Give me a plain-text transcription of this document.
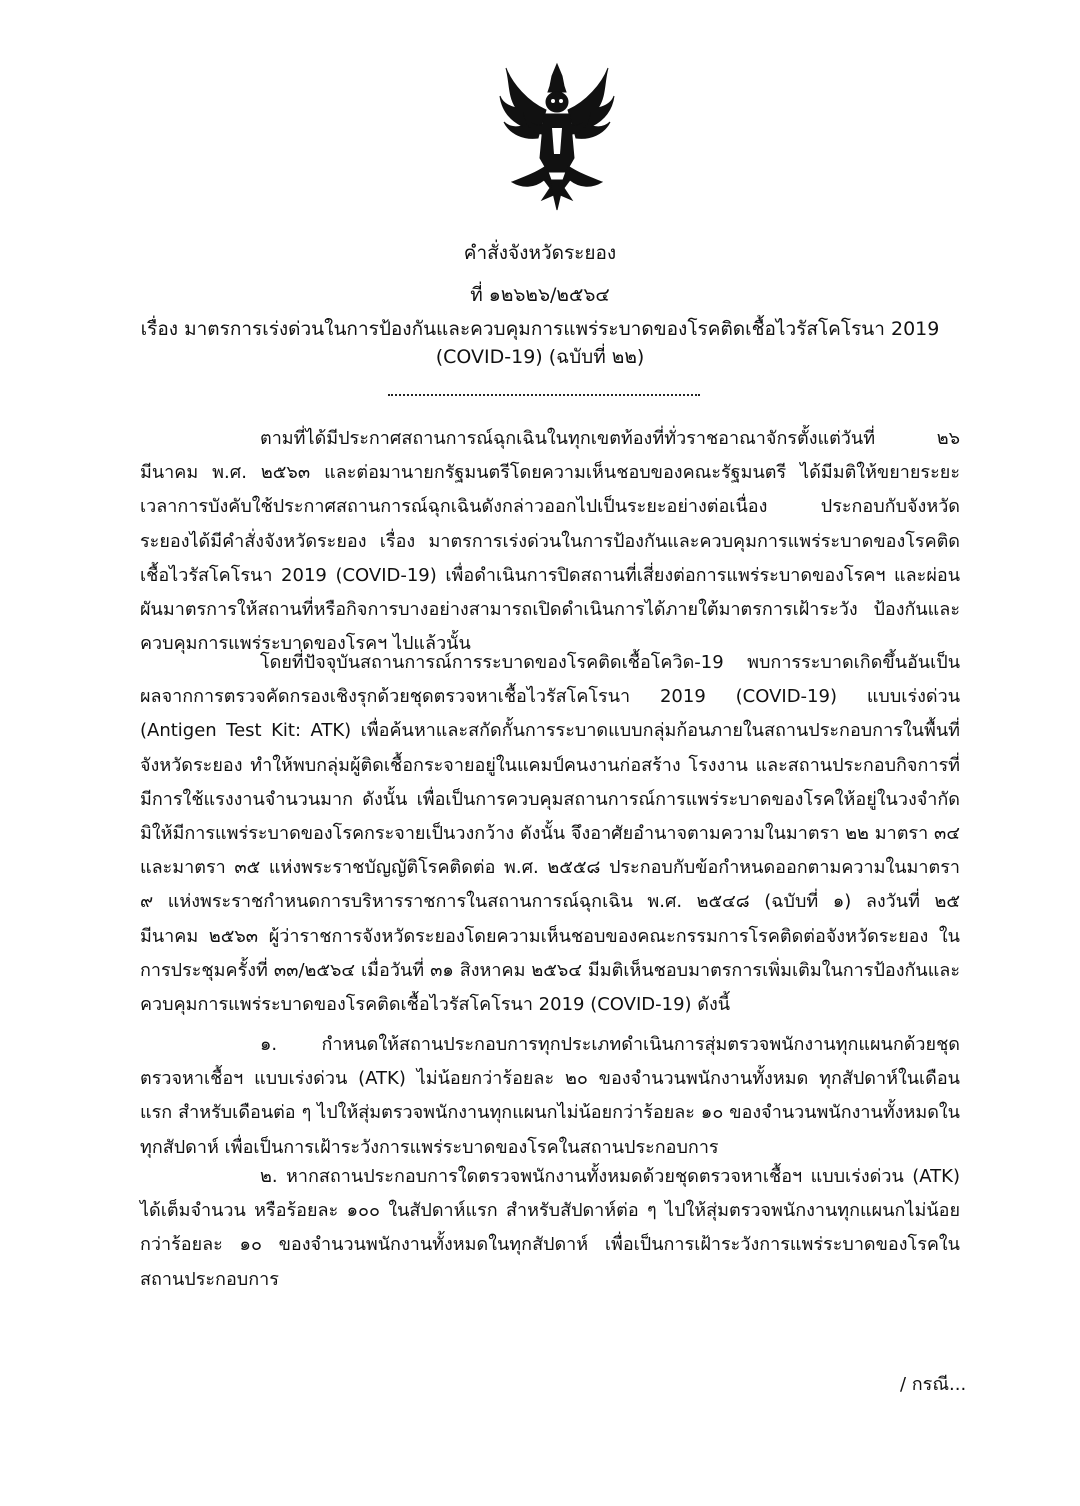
คำสั่งจังหวัดระยอง
ที่ ๑๒๖๒๖/๒๕๖๔
เรื่อง มาตรการเร่งด่วนในการป้องกันและควบคุมการแพร่ระบาดของโรคติดเชื้อไวรัสโคโรนา 2019
(COVID-19) (ฉบับที่ ๒๒)

ตามที่ได้มีประกาศสถานการณ์ฉุกเฉินในทุกเขตท้องที่ทั่วราชอาณาจักรตั้งแต่วันที่ ๒๖ มีนาคม พ.ศ. ๒๕๖๓ และต่อมานายกรัฐมนตรีโดยความเห็นชอบของคณะรัฐมนตรี ได้มีมติให้ขยายระยะเวลาการบังคับใช้ประกาศสถานการณ์ฉุกเฉินดังกล่าวออกไปเป็นระยะอย่างต่อเนื่อง ประกอบกับจังหวัดระยองได้มีคำสั่งจังหวัดระยอง เรื่อง มาตรการเร่งด่วนในการป้องกันและควบคุมการแพร่ระบาดของโรคติดเชื้อไวรัสโคโรนา 2019 (COVID-19) เพื่อดำเนินการปิดสถานที่เสี่ยงต่อการแพร่ระบาดของโรคฯ และผ่อนผันมาตรการให้สถานที่หรือกิจการบางอย่างสามารถเปิดดำเนินการได้ภายใต้มาตรการเฝ้าระวัง ป้องกันและควบคุมการแพร่ระบาดของโรคฯ ไปแล้วนั้น

โดยที่ปัจจุบันสถานการณ์การระบาดของโรคติดเชื้อโควิด-19 พบการระบาดเกิดขึ้นอันเป็นผลจากการตรวจคัดกรองเชิงรุกด้วยชุดตรวจหาเชื้อไวรัสโคโรนา 2019 (COVID-19) แบบเร่งด่วน (Antigen Test Kit: ATK) เพื่อค้นหาและสกัดกั้นการระบาดแบบกลุ่มก้อนภายในสถานประกอบการในพื้นที่จังหวัดระยอง ทำให้พบกลุ่มผู้ติดเชื้อกระจายอยู่ในแคมป์คนงานก่อสร้าง โรงงาน และสถานประกอบกิจการที่มีการใช้แรงงานจำนวนมาก ดังนั้น เพื่อเป็นการควบคุมสถานการณ์การแพร่ระบาดของโรคให้อยู่ในวงจำกัด มิให้มีการแพร่ระบาดของโรคกระจายเป็นวงกว้าง ดังนั้น จึงอาศัยอำนาจตามความในมาตรา ๒๒ มาตรา ๓๔ และมาตรา ๓๕ แห่งพระราชบัญญัติโรคติดต่อ พ.ศ. ๒๕๕๘ ประกอบกับข้อกำหนดออกตามความในมาตรา ๙ แห่งพระราชกำหนดการบริหารราชการในสถานการณ์ฉุกเฉิน พ.ศ. ๒๕๔๘ (ฉบับที่ ๑) ลงวันที่ ๒๕ มีนาคม ๒๕๖๓ ผู้ว่าราชการจังหวัดระยองโดยความเห็นชอบของคณะกรรมการโรคติดต่อจังหวัดระยอง ในการประชุมครั้งที่ ๓๓/๒๕๖๔ เมื่อวันที่ ๓๑ สิงหาคม ๒๕๖๔ มีมติเห็นชอบมาตรการเพิ่มเติมในการป้องกันและควบคุมการแพร่ระบาดของโรคติดเชื้อไวรัสโคโรนา 2019 (COVID-19) ดังนี้

๑. กำหนดให้สถานประกอบการทุกประเภทดำเนินการสุ่มตรวจพนักงานทุกแผนกด้วยชุดตรวจหาเชื้อฯ แบบเร่งด่วน (ATK) ไม่น้อยกว่าร้อยละ ๒๐ ของจำนวนพนักงานทั้งหมด ทุกสัปดาห์ในเดือนแรก สำหรับเดือนต่อ ๆ ไปให้สุ่มตรวจพนักงานทุกแผนกไม่น้อยกว่าร้อยละ ๑๐ ของจำนวนพนักงานทั้งหมดในทุกสัปดาห์ เพื่อเป็นการเฝ้าระวังการแพร่ระบาดของโรคในสถานประกอบการ

๒. หากสถานประกอบการใดตรวจพนักงานทั้งหมดด้วยชุดตรวจหาเชื้อฯ แบบเร่งด่วน (ATK) ได้เต็มจำนวน หรือร้อยละ ๑๐๐ ในสัปดาห์แรก สำหรับสัปดาห์ต่อ ๆ ไปให้สุ่มตรวจพนักงานทุกแผนกไม่น้อยกว่าร้อยละ ๑๐ ของจำนวนพนักงานทั้งหมดในทุกสัปดาห์ เพื่อเป็นการเฝ้าระวังการแพร่ระบาดของโรคในสถานประกอบการ

/ กรณี...
